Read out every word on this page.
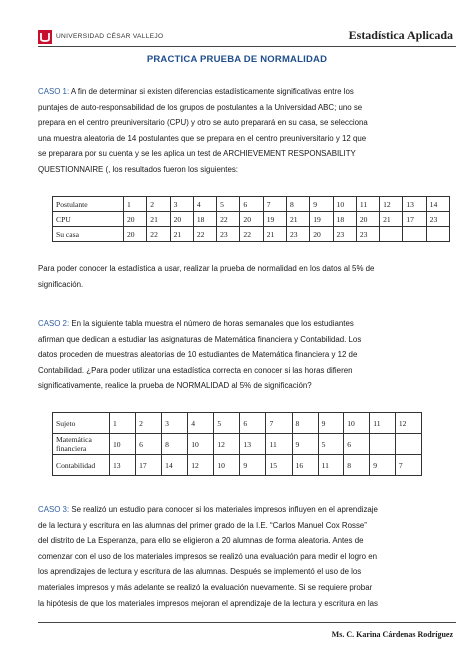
UNIVERSIDAD CÉSAR VALLEJO	Estadística Aplicada
PRACTICA PRUEBA DE NORMALIDAD
CASO 1: A fin de determinar si existen diferencias estadísticamente significativas entre los
puntajes de auto-responsabilidad de los grupos de postulantes a la Universidad ABC; uno se
prepara en el centro preuniversitario (CPU) y otro se auto preparará en su casa, se selecciona
una muestra aleatoria de 14 postulantes que se prepara en el centro preuniversitario y 12 que
se preparara por su cuenta y se les aplica un test de ARCHIEVEMENT RESPONSABILITY
QUESTIONNAIRE (, los resultados fueron los siguientes:
Postulante	1	2	3	4	5	6	7	8	9	10	11	12	13	14
CPU	20	21	20	18	22	20	19	21	19	18	20	21	17	23
Su casa	20	22	21	22	23	22	21	23	20	23	23			
Para poder conocer la estadística a usar, realizar la prueba de normalidad en los datos al 5% de
significación.
CASO 2: En la siguiente tabla muestra el número de horas semanales que los estudiantes
afirman que dedican a estudiar las asignaturas de Matemática financiera y Contabilidad. Los
datos proceden de muestras aleatorias de 10 estudiantes de Matemática financiera y 12 de
Contabilidad. ¿Para poder utilizar una estadística correcta en conocer si las horas difieren
significativamente, realice la prueba de NORMALIDAD al 5% de significación?
Sujeto	1	2	3	4	5	6	7	8	9	10	11	12
Matemática financiera	10	6	8	10	12	13	11	9	5	6		
Contabilidad	13	17	14	12	10	9	15	16	11	8	9	7
CASO 3: Se realizó un estudio para conocer si los materiales impresos influyen en el aprendizaje
de la lectura y escritura en las alumnas del primer grado de la I.E. “Carlos Manuel Cox Rosse”
del distrito de La Esperanza, para ello se eligieron a 20 alumnas de forma aleatoria. Antes de
comenzar con el uso de los materiales impresos se realizó una evaluación para medir el logro en
los aprendizajes de lectura y escritura de las alumnas. Después se implementó el uso de los
materiales impresos y más adelante se realizó la evaluación nuevamente. Si se requiere probar
la hipótesis de que los materiales impresos mejoran el aprendizaje de la lectura y escritura en las
Ms. C. Karina Cárdenas Rodríguez
